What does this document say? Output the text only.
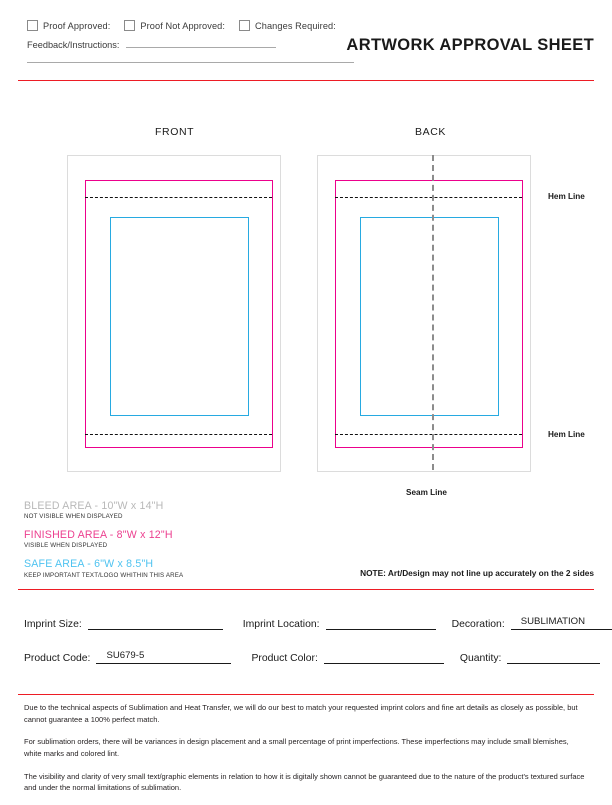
Proof Approved:	Proof Not Approved:	Changes Required:
Feedback/Instructions:	ARTWORK APPROVAL SHEET
FRONT	BACK
Hem Line
Hem Line
Seam Line
BLEED AREA - 10"W x 14"H
NOT VISIBLE WHEN DISPLAYED
FINISHED AREA - 8"W x 12"H
VISIBLE WHEN DISPLAYED
SAFE AREA - 6"W x 8.5"H
KEEP IMPORTANT TEXT/LOGO WHITHIN THIS AREA	NOTE: Art/Design may not line up accurately on the 2 sides
Imprint Size:	Imprint Location:	Decoration: SUBLIMATION
Product Code: SU679-5	Product Color:	Quantity:

Due to the technical aspects of Sublimation and Heat Transfer, we will do our best to match your requested imprint colors and fine art details as closely as possible, but cannot guarantee a 100% perfect match.

For sublimation orders, there will be variances in design placement and a small percentage of print imperfections. These imperfections may include small blemishes, white marks and colored lint.

The visibility and clarity of very small text/graphic elements in relation to how it is digitally shown cannot be guaranteed due to the nature of the product's textured surface and under the normal limitations of sublimation.
